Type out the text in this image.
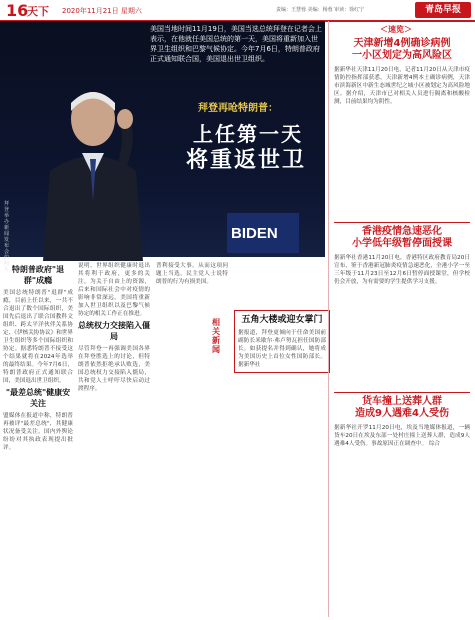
16
天下 2020年11月21日 星期六	责编：王慧蓉 美编：杨蓉 审读：徐红宁	青岛早报
美国当地时间11月19日，美国当选总统拜登在记者会上表示，在他就任美国总统的第一天，美国将重新加入世界卫生组织和巴黎气候协定。今年7月6日，特朗普政府正式通知联合国，美国退出世卫组织。
拜登再呛特朗普：
上任第一天
将重返世卫
BIDEN
拜登举办新闻发布会的照片。
特朗普政府"退群"成瘾
美国总统特朗普"退群"成瘾，目前上任以来，一共不合退出了数个国际组织，美国先后退出了联合国教科文组织、跨太平洋伙伴关系协定、《伊核关协协议》和世界卫生组织等多个国际组织和协定。据悉特朗普不接受这个结果就将在2024年选举的最终结果。今年7月6日，特朗普政府正式通知联合国，美国退出世卫组织。
"最差总统"健康安关注
盟媒体在报道中称，特朗普再被评"最差总统"，其健康状况备受关注。国内外舆论纷纷对其执政表现提出批评。
说明，世界组织健康时退出其将利于政府，更多的关注，为关于自由上的资源，后来和国际社会中对疫情的影响非常深远。美国将重新加入世卫组织以及巴黎气候协定的相关工作正在推进。
总统权力交接陷入僵局
尽管拜登一再强调美国各界在拜登胜选上的讨论，但特朗普依然拒绝承认败选，美国总统权力交接陷入僵局，共和党人士呼吁尽快启动过渡程序。
普利接受大事。从而这项问题上当选，民主党人士说特朗普的行为有损美国。
相关新闻
五角大楼或迎女掌门
据报道，拜登更倾向于任命美国前副防长米歇尔·弗卢努瓦担任国防部长。如获提名并得到确认，她将成为美国历史上首位女性国防部长。据新华社
＜速览＞
天津新增4例确诊病例
一小区划定为高风险区
据新华社天津11月20日电，记者11月20日从天津市疫情防控指挥部获悉，天津新增4例本土确诊病例，天津市滨海新区中新生态城世纪之城小区被划定为高风险地区。据介绍，天津市已对相关人员进行隔离和核酸检测，目前结果均为阴性。
香港疫情急速恶化
小学低年级暂停面授课
据新华社香港11月20日电，香港特区政府教育局20日宣布，鉴于香港新冠肺炎疫情急速恶化，全港小学一至三年级于11月23日至12月6日暂停面授课堂，但学校仍会开放，为有需要的学生提供学习支援。
货车撞上送葬人群
造成9人遇难4人受伤
据新华社开罗11月20日电，埃及当地媒体报道，一辆货车20日在埃及东部一处村庄撞上送葬人群，造成9人遇难4人受伤。事故原因正在调查中。 综合
